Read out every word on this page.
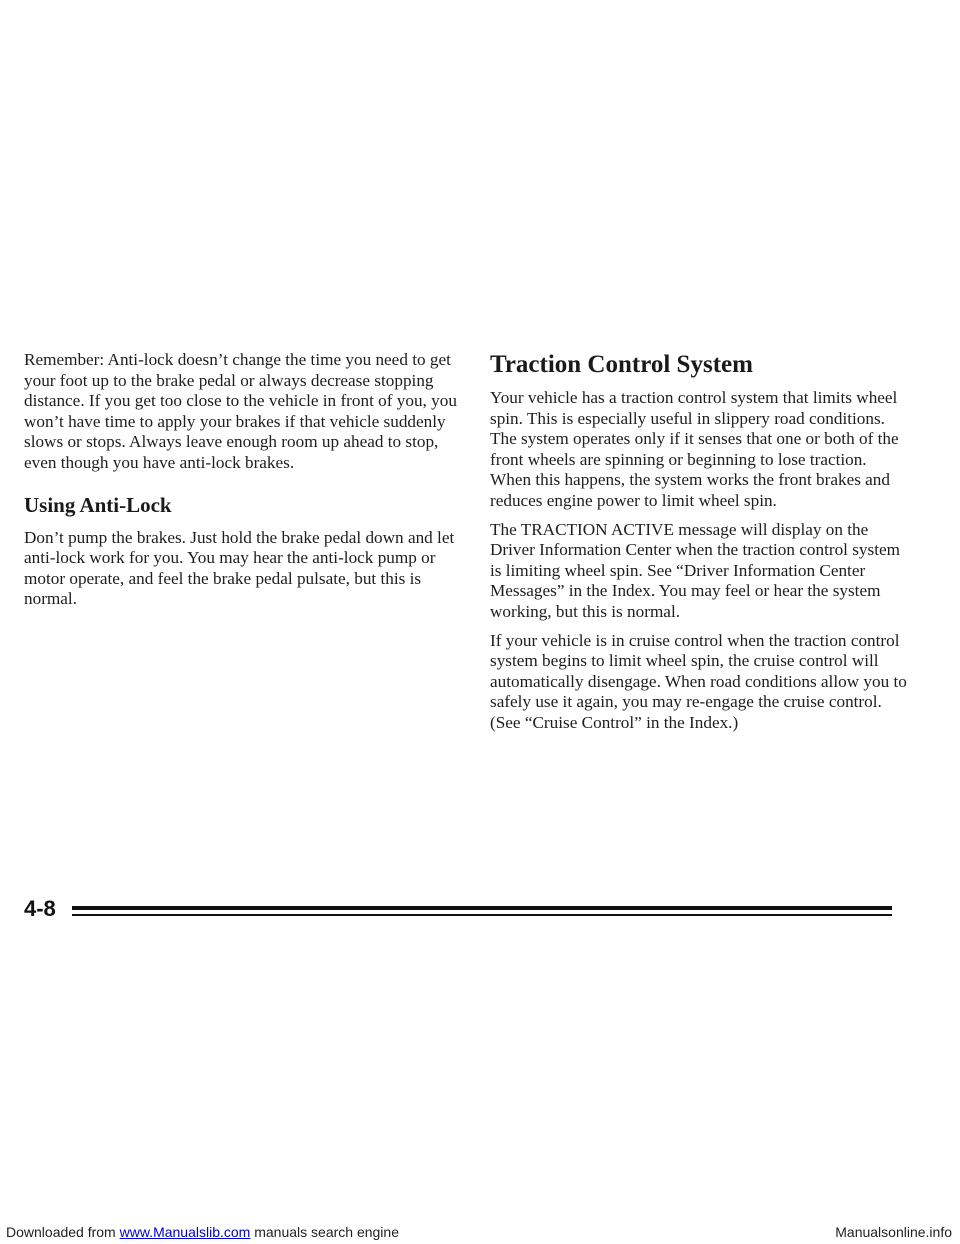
Remember: Anti-lock doesn’t change the time you need to get your foot up to the brake pedal or always decrease stopping distance. If you get too close to the vehicle in front of you, you won’t have time to apply your brakes if that vehicle suddenly slows or stops. Always leave enough room up ahead to stop, even though you have anti-lock brakes.

Using Anti-Lock

Don’t pump the brakes. Just hold the brake pedal down and let anti-lock work for you. You may hear the anti-lock pump or motor operate, and feel the brake pedal pulsate, but this is normal.

Traction Control System

Your vehicle has a traction control system that limits wheel spin. This is especially useful in slippery road conditions. The system operates only if it senses that one or both of the front wheels are spinning or beginning to lose traction. When this happens, the system works the front brakes and reduces engine power to limit wheel spin.

The TRACTION ACTIVE message will display on the Driver Information Center when the traction control system is limiting wheel spin. See “Driver Information Center Messages” in the Index. You may feel or hear the system working, but this is normal.

If your vehicle is in cruise control when the traction control system begins to limit wheel spin, the cruise control will automatically disengage. When road conditions allow you to safely use it again, you may re-engage the cruise control. (See “Cruise Control” in the Index.)

4-8
Downloaded from www.Manualslib.com manuals search engine	Manualsonline.info
